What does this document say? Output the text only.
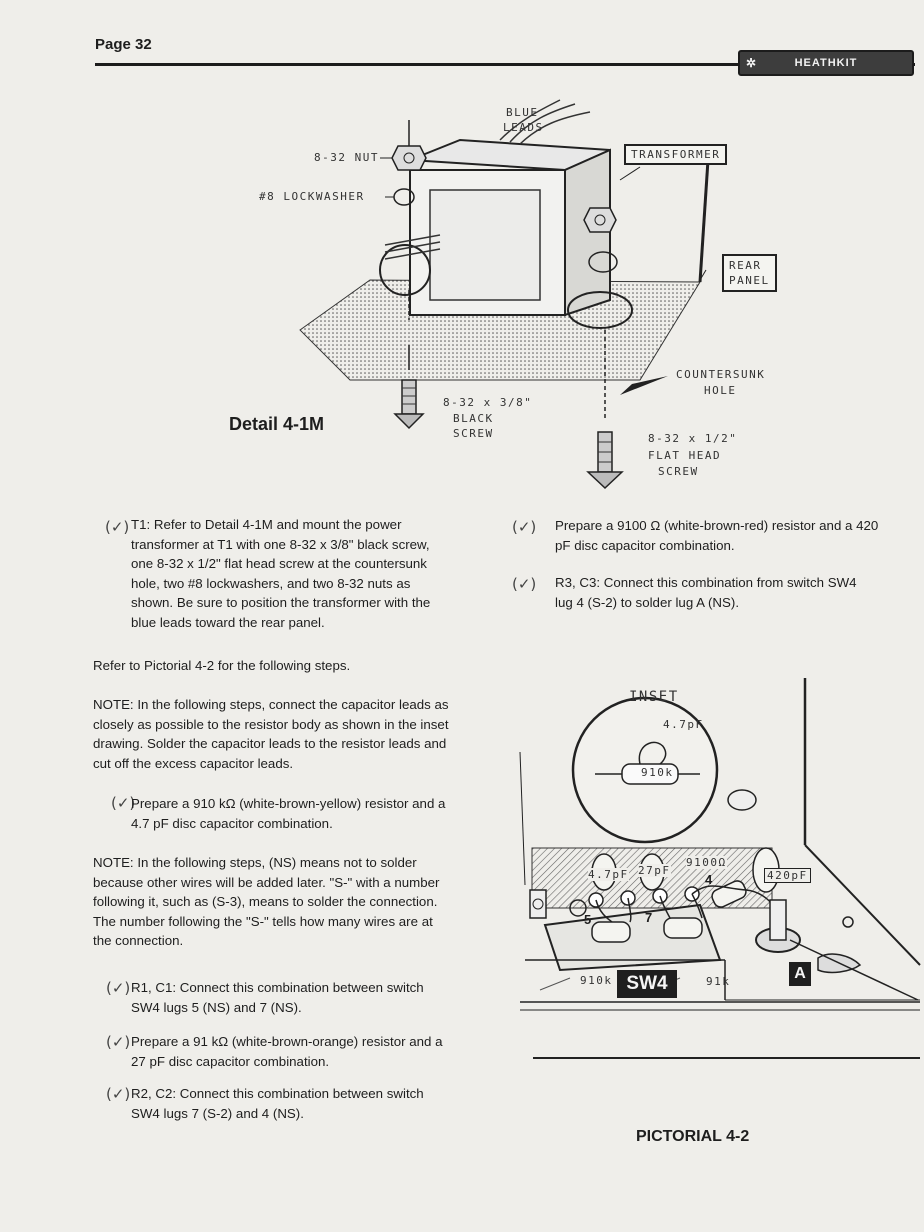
Page 32
✲	HEATHKIT
BLUE
LEADS
8-32 NUT
#8 LOCKWASHER
TRANSFORMER
REAR
PANEL
COUNTERSUNK
HOLE
8-32 x 3/8"
BLACK
SCREW	8-32 x 1/2"
FLAT HEAD
SCREW
Detail 4-1M
(✓) T1: Refer to Detail 4-1M and mount the power
transformer at T1 with one 8-32 x 3/8" black screw,
one 8-32 x 1/2" flat head screw at the countersunk
hole, two #8 lockwashers, and two 8-32 nuts as
shown. Be sure to position the transformer with the
blue leads toward the rear panel.
Refer to Pictorial 4-2 for the following steps.
NOTE: In the following steps, connect the capacitor leads as
closely as possible to the resistor body as shown in the inset
drawing. Solder the capacitor leads to the resistor leads and
cut off the excess capacitor leads.
(✓)
Prepare a 910 kΩ (white-brown-yellow) resistor and a
4.7 pF disc capacitor combination.
NOTE: In the following steps, (NS) means not to solder
because other wires will be added later. "S-" with a number
following it, such as (S-3), means to solder the connection.
The number following the "S-" tells how many wires are at
the connection.
(✓) R1, C1: Connect this combination between switch
SW4 lugs 5 (NS) and 7 (NS).
(✓) Prepare a 91 kΩ (white-brown-orange) resistor and a
27 pF disc capacitor combination.
(✓) R2, C2: Connect this combination between switch
SW4 lugs 7 (S-2) and 4 (NS).
(✓) Prepare a 9100 Ω (white-brown-red) resistor and a 420
pF disc capacitor combination.
(✓) R3, C3: Connect this combination from switch SW4
lug 4 (S-2) to solder lug A (NS).
INSET
4.7pF
910k
4.7pF 27pF
9100Ω
420pF
4
5	7
910k	91k
SW4	A
PICTORIAL 4-2
